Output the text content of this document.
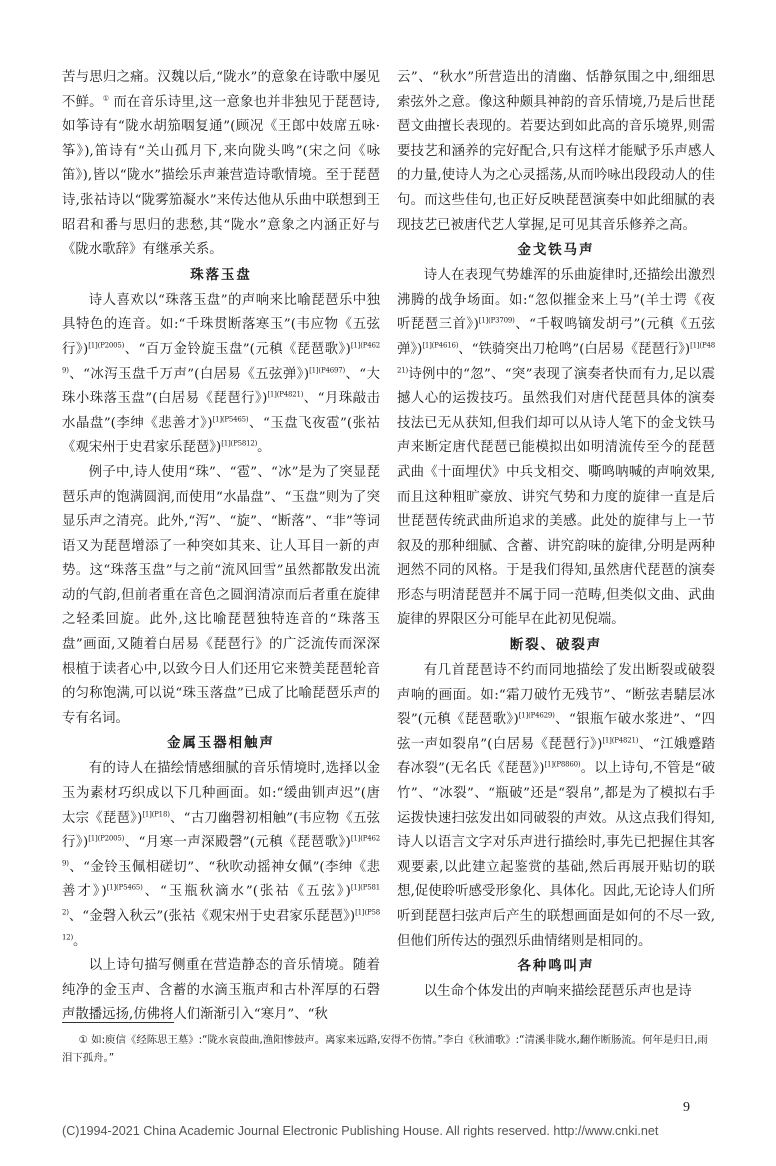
苦与思归之痛。汉魏以后,“陇水”的意象在诗歌中屡见不鲜。① 而在音乐诗里,这一意象也并非独见于琵琶诗,如筝诗有“陇水胡笳咽复通”(顾况《王郎中妓席五咏·筝》),笛诗有“关山孤月下,来向陇头鸣”(宋之问《咏笛》),皆以“陇水”描绘乐声兼营造诗歌情境。至于琵琶诗,张祜诗以“陇雾笳凝水”来传达他从乐曲中联想到王昭君和番与思归的悲愁,其“陇水”意象之内涵正好与《陇水歌辞》有继承关系。

珠落玉盘

诗人喜欢以“珠落玉盘”的声响来比喻琵琶乐中独具特色的连音。如:“千珠贯断落寒玉”(韦应物《五弦行》)$^{[1](P2005)}$、“百万金铃旋玉盘”(元稹《琵琶歌》)$^{[1](P4629)}$、“冰泻玉盘千万声”(白居易《五弦弹》)$^{[1](P4697)}$、“大珠小珠落玉盘”(白居易《琵琶行》)$^{[1](P4821)}$、“月珠敲击水晶盘”(李绅《悲善才》)$^{[1](P5465)}$、“玉盘飞夜雹”(张祜《观宋州于史君家乐琵琶》)$^{[1](P5812)}$。

例子中,诗人使用“珠”、“雹”、“冰”是为了突显琵琶乐声的饱满圆润,而使用“水晶盘”、“玉盘”则为了突显乐声之清亮。此外,“泻”、“旋”、“断落”、“非”等词语又为琵琶增添了一种突如其来、让人耳目一新的声势。这“珠落玉盘”与之前“流风回雪”虽然都散发出流动的气韵,但前者重在音色之圆润清凉而后者重在旋律之轻柔回旋。此外,这比喻琵琶独特连音的“珠落玉盘”画面,又随着白居易《琵琶行》的广泛流传而深深根植于读者心中,以致今日人们还用它来赞美琵琶轮音的匀称饱满,可以说“珠玉落盘”已成了比喻琵琶乐声的专有名词。

金属玉器相触声

有的诗人在描绘情感细腻的音乐情境时,选择以金玉为素材巧织成以下几种画面。如:“缓曲钏声迟”(唐太宗《琵琶》)$^{[1](P18)}$、“古刀幽磬初相触”(韦应物《五弦行》)$^{[1](P2005)}$、“月寒一声深殿磬”(元稹《琵琶歌》)$^{[1](P4629)}$、“金铃玉佩相磋切”、“秋吹动摇神女佩”(李绅《悲善才》)$^{[1](P5465)}$、“玉瓶秋滴水”(张祜《五弦》)$^{[1](P5812)}$、“金磬入秋云”(张祜《观宋州于史君家乐琵琶》)$^{[1](P5812)}$。

以上诗句描写侧重在营造静态的音乐情境。随着纯净的金玉声、含蓄的水滴玉瓶声和古朴浑厚的石磬声散播远扬,仿佛将人们渐渐引入“寒月”、“秋

云”、“秋水”所营造出的清幽、恬静氛围之中,细细思索弦外之意。像这种颇具神韵的音乐情境,乃是后世琵琶文曲擅长表现的。若要达到如此高的音乐境界,则需要技艺和涵养的完好配合,只有这样才能赋予乐声感人的力量,使诗人为之心灵摇荡,从而吟咏出段段动人的佳句。而这些佳句,也正好反映琵琶演奏中如此细腻的表现技艺已被唐代艺人掌握,足可见其音乐修养之高。

金戈铁马声

诗人在表现气势雄浑的乐曲旋律时,还描绘出激烈沸腾的战争场面。如:“忽似摧金来上马”(羊士谔《夜听琵琶三首》)$^{[1](P3709)}$、“千靫鸣镝发胡弓”(元稹《五弦弹》)$^{[1](P4616)}$、“铁骑突出刀枪鸣”(白居易《琵琶行》)$^{[1](P4821)}$诗例中的“忽”、“突”表现了演奏者快而有力,足以震撼人心的运拨技巧。虽然我们对唐代琵琶具体的演奏技法已无从获知,但我们却可以从诗人笔下的金戈铁马声来断定唐代琵琶已能模拟出如明清流传至今的琵琶武曲《十面埋伏》中兵戈相交、嘶鸣呐喊的声响效果,而且这种粗旷豪放、讲究气势和力度的旋律一直是后世琵琶传统武曲所追求的美感。此处的旋律与上一节叙及的那种细腻、含蓄、讲究韵味的旋律,分明是两种迥然不同的风格。于是我们得知,虽然唐代琵琶的演奏形态与明清琵琶并不属于同一范畴,但类似文曲、武曲旋律的界限区分可能早在此初见倪端。

断裂、破裂声

有几首琵琶诗不约而同地描绘了发出断裂或破裂声响的画面。如:“霜刀破竹无残节”、“断弦砉騞层冰裂”(元稹《琵琶歌》)$^{[1](P4629)}$、“银瓶乍破水浆进”、“四弦一声如裂帛”(白居易《琵琶行》)$^{[1](P4821)}$、“江娥蹙踏春冰裂”(无名氏《琵琶》)$^{[1](P8860)}$。以上诗句,不管是“破竹”、“冰裂”、“瓶破”还是“裂帛”,都是为了模拟右手运拨快速扫弦发出如同破裂的声效。从这点我们得知,诗人以语言文字对乐声进行描绘时,事先已把握住其客观要素,以此建立起鉴赏的基础,然后再展开贴切的联想,促使聆听感受形象化、具体化。因此,无论诗人们所听到琵琶扫弦声后产生的联想画面是如何的不尽一致,但他们所传达的强烈乐曲情绪则是相同的。

各种鸣叫声

以生命个体发出的声响来描绘琵琶乐声也是诗

① 如:庾信《经陈思王墓》:“陇水哀葭曲,渔阳惨鼓声。离家来远路,安得不伤情。”李白《秋浦歌》:“清溪非陇水,翻作断肠流。何年是归日,雨泪下孤舟。”

9
(C)1994-2021 China Academic Journal Electronic Publishing House. All rights reserved. http://www.cnki.net
